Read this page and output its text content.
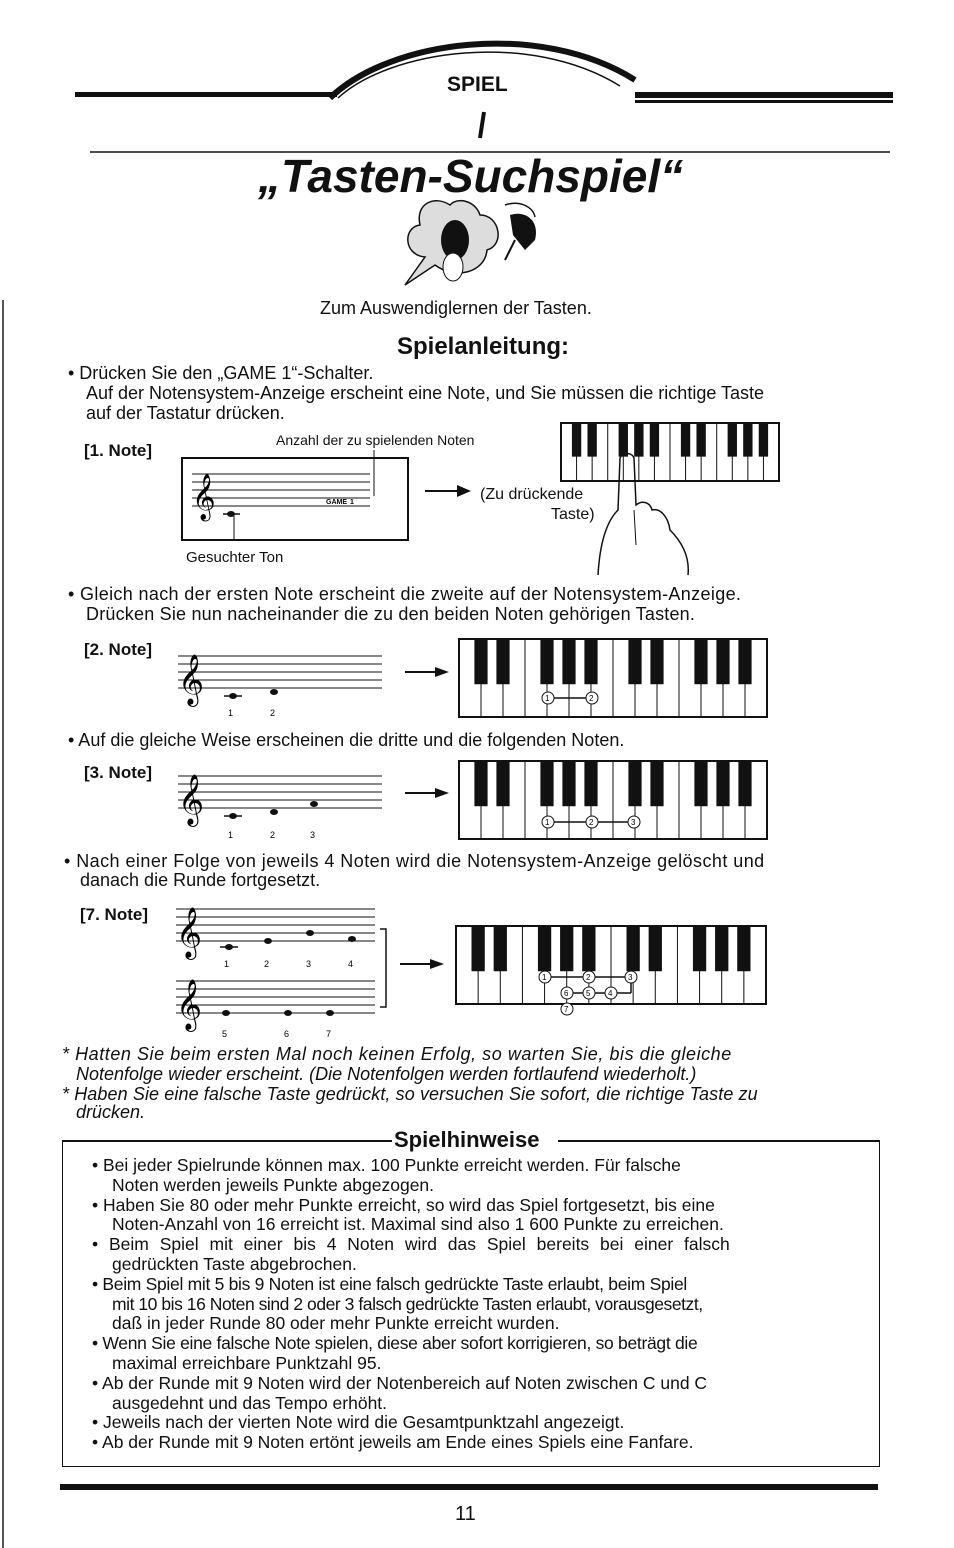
SPIEL
„Tasten-Suchspiel“
Zum Auswendiglernen der Tasten.
Spielanleitung:
• Drücken Sie den „GAME 1“-Schalter.
Auf der Notensystem-Anzeige erscheint eine Note, und Sie müssen die richtige Taste
auf der Tastatur drücken.
[1. Note]
Anzahl der zu spielenden Noten
𝄞	GAME 1
Gesuchter Ton
(Zu drückende
Taste)
• Gleich nach der ersten Note erscheint die zweite auf der Notensystem-Anzeige.
Drücken Sie nun nacheinander die zu den beiden Noten gehörigen Tasten.
[2. Note]
𝄞
1	2
1	2
• Auf die gleiche Weise erscheinen die dritte und die folgenden Noten.
[3. Note]
𝄞
1	2	3
1	2	3
• Nach einer Folge von jeweils 4 Noten wird die Notensystem-Anzeige gelöscht und
danach die Runde fortgesetzt.
[7. Note] 𝄞
1	2	3	4
𝄞
5	6	7
1	2	3
4
5
6
7
* Hatten Sie beim ersten Mal noch keinen Erfolg, so warten Sie, bis die gleiche
Notenfolge wieder erscheint. (Die Notenfolgen werden fortlaufend wiederholt.)
* Haben Sie eine falsche Taste gedrückt, so versuchen Sie sofort, die richtige Taste zu
drücken.
Spielhinweise
• Bei jeder Spielrunde können max. 100 Punkte erreicht werden. Für falsche
Noten werden jeweils Punkte abgezogen.
• Haben Sie 80 oder mehr Punkte erreicht, so wird das Spiel fortgesetzt, bis eine
Noten-Anzahl von 16 erreicht ist. Maximal sind also 1 600 Punkte zu erreichen.
• Beim Spiel mit einer bis 4 Noten wird das Spiel bereits bei einer falsch
gedrückten Taste abgebrochen.
• Beim Spiel mit 5 bis 9 Noten ist eine falsch gedrückte Taste erlaubt, beim Spiel
mit 10 bis 16 Noten sind 2 oder 3 falsch gedrückte Tasten erlaubt, vorausgesetzt,
daß in jeder Runde 80 oder mehr Punkte erreicht wurden.
• Wenn Sie eine falsche Note spielen, diese aber sofort korrigieren, so beträgt die
maximal erreichbare Punktzahl 95.
• Ab der Runde mit 9 Noten wird der Notenbereich auf Noten zwischen C und C
ausgedehnt und das Tempo erhöht.
• Jeweils nach der vierten Note wird die Gesamtpunktzahl angezeigt.
• Ab der Runde mit 9 Noten ertönt jeweils am Ende eines Spiels eine Fanfare.
11
